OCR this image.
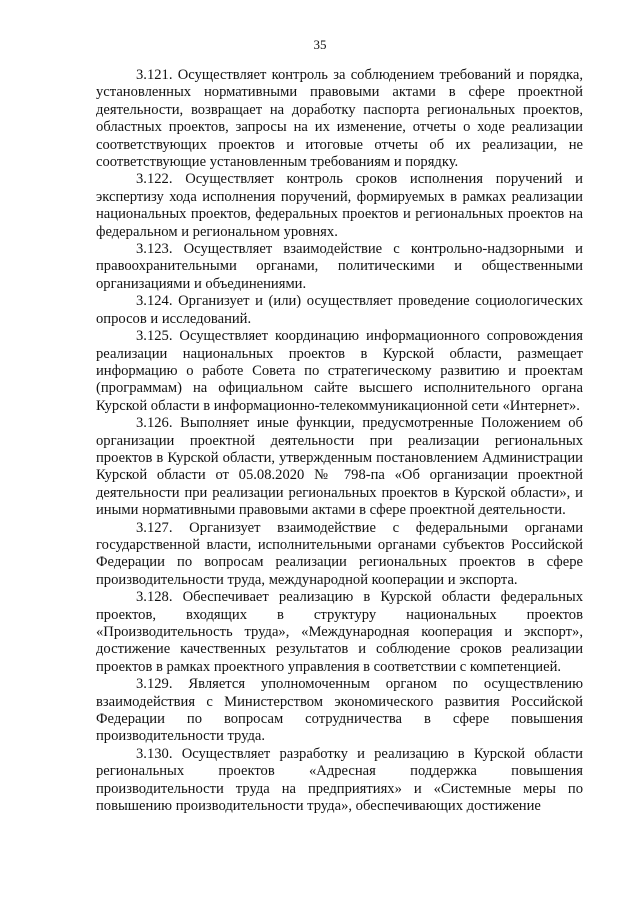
35

3.121. Осуществляет контроль за соблюдением требований и порядка, установленных нормативными правовыми актами в сфере проектной деятельности, возвращает на доработку паспорта региональных проектов, областных проектов, запросы на их изменение, отчеты о ходе реализации соответствующих проектов и итоговые отчеты об их реализации, не соответствующие установленным требованиям и порядку.

3.122. Осуществляет контроль сроков исполнения поручений и экспертизу хода исполнения поручений, формируемых в рамках реализации национальных проектов, федеральных проектов и региональных проектов на федеральном и региональном уровнях.

3.123. Осуществляет взаимодействие с контрольно-надзорными и правоохранительными органами, политическими и общественными организациями и объединениями.

3.124. Организует и (или) осуществляет проведение социологических опросов и исследований.

3.125. Осуществляет координацию информационного сопровождения реализации национальных проектов в Курской области, размещает информацию о работе Совета по стратегическому развитию и проектам (программам) на официальном сайте высшего исполнительного органа Курской области в информационно-телекоммуникационной сети «Интернет».

3.126. Выполняет иные функции, предусмотренные Положением об организации проектной деятельности при реализации региональных проектов в Курской области, утвержденным постановлением Администрации Курской области от 05.08.2020 № 798-па «Об организации проектной деятельности при реализации региональных проектов в Курской области», и иными нормативными правовыми актами в сфере проектной деятельности.

3.127. Организует взаимодействие с федеральными органами государственной власти, исполнительными органами субъектов Российской Федерации по вопросам реализации региональных проектов в сфере производительности труда, международной кооперации и экспорта.

3.128. Обеспечивает реализацию в Курской области федеральных проектов, входящих в структуру национальных проектов «Производительность труда», «Международная кооперация и экспорт», достижение качественных результатов и соблюдение сроков реализации проектов в рамках проектного управления в соответствии с компетенцией.

3.129. Является уполномоченным органом по осуществлению взаимодействия с Министерством экономического развития Российской Федерации по вопросам сотрудничества в сфере повышения производительности труда.

3.130. Осуществляет разработку и реализацию в Курской области региональных проектов «Адресная поддержка повышения производительности труда на предприятиях» и «Системные меры по повышению производительности труда», обеспечивающих достижение
